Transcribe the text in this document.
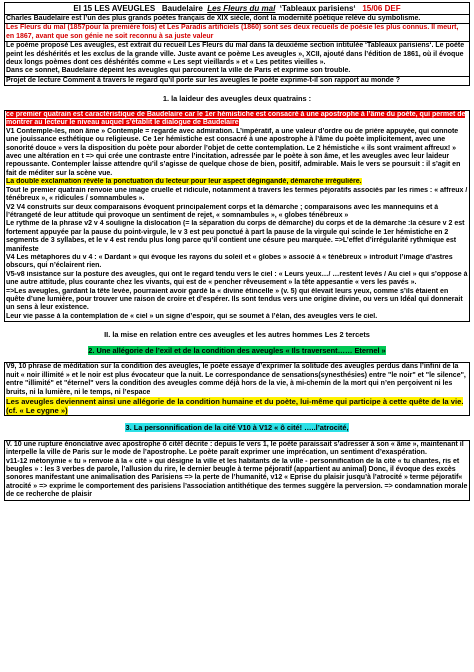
EI 15 LES AVEUGLES Baudelaire Les Fleurs du mal ‘Tableaux parisiens‘ 15/06 DEF

Charles Baudelaire est l’un des plus grands poètes français de XIX siècle, dont la modernité poétique relève du symbolisme.

Les Fleurs du mal (1857pour la première fois) et Les Paradis artificiels (1860) sont ses deux recueils de poésie les plus connus. Il meurt, en 1867, avant que son génie ne soit reconnu à sa juste valeur

Le poème proposé Les aveugles, est extrait du recueil Les Fleurs du mal dans la deuxième section intitulée ‘Tableaux parisiens‘. Le poète peint les déshérités et les exclus de la grande ville. Juste avant ce poème Les aveugles », XCII, ajouté dans l’édition de 1861, où il évoque deux longs poèmes dont ces déshérités comme « Les sept vieillards » et « Les petites vieilles ».

Dans ce sonnet, Baudelaire dépeint les aveugles qui parcourent la ville de Paris et exprime son trouble.

Projet de lecture Comment à travers le regard qu’il porte sur les aveugles le poète exprime-t-il son rapport au monde ?

1. la laideur des aveugles deux quatrains :

ce premier quatrain est caractéristique de Baudelaire car le 1er hémistiche est consacré à une apostrophe à l’âme du poète, qui permet de montrer au lecteur le niveau auquel s’établit le dialogue de Baudelaire

V1 Contemple-les, mon âme » Contemple = regarde avec admiration. L’impératif, a une valeur d’ordre ou de prière appuyée, qui connote une jouissance esthétique ou religieuse. Ce 1er hémistiche est consacré à une apostrophe à l’âme du poète implicitement, avec une sonorité douce » vers la disposition du poète pour aborder l’objet de cette contemplation. Le 2 hémistiche « ils sont vraiment affreux! » avec une altération en t => qui crée une contraste entre l’incitation, adressée par le poète à son âme, et les aveugles avec leur laideur repoussante. Contempler laisse attendre qu’il s’agisse de quelque chose de bien, positif, admirable. Mais le vers se poursuit : il s’agit en fait de méditer sur la scène vue.

La double exclamation révèle la ponctuation du lecteur pour leur aspect dégingandé, démarche irrégulière.

Tout le premier quatrain renvoie une image cruelle et ridicule, notamment à travers les termes péjoratifs associés par les rimes : « affreux / ténébreux », « ridicules / somnambules ».

V2 V4 construits sur deux comparaisons évoquent principalement corps et la démarche ; comparaisons avec les mannequins et à l’étrangeté de leur attitude qui provoque un sentiment de rejet, « somnambules », « globes ténébreux »

Le rythme de la phrase v2 v 4 souligne la dislocation (= la séparation du corps de démarche) du corps et de la démarche :la césure v 2 est fortement appuyée par la pause du point-virgule, le v 3 est peu ponctué à part la pause de la virgule qui scinde le 1er hémistiche en 2 segments de 3 syllabes, et le v 4 est rendu plus long parce qu’il contient une césure peu marquée. =>L’effet d’irrégularité rythmique est manifeste

V4 Les métaphores du v 4 : « Dardant » qui évoque les rayons du soleil et « globes » associé à « ténébreux » introduit l’image d’astres obscurs, qui n’éclairent rien.

V5-v8 insistance sur la posture des aveugles, qui ont le regard tendu vers le ciel : « Leurs yeux…/ …restent levés / Au ciel » qui s’oppose à une autre attitude, plus courante chez les vivants, qui est de « pencher rêveusement » la tête appesantie « vers les pavés ».

=>Les aveugles, gardant la tête levée, pourraient avoir gardé la « divine étincelle » (v. 5) qui élevait leurs yeux, comme s’ils étaient en quête d’une lumière, pour trouver une raison de croire et d’espérer. Ils sont tendus vers une origine divine, ou vers un Idéal qui donnerait un sens à leur existence.

Leur vie passe à la contemplation de « ciel » un signe d’espoir, qui se soumet à l’élan, des aveugles vers le ciel.

II. la mise en relation entre ces aveugles et les autres hommes Les 2 tercets

2. Une allégorie de l’exil et de la condition des aveugles « Ils traversent…… Eternel »

V9, 10 phrase de méditation sur la condition des aveugles, le poète essaye d’exprimer la solitude des aveugles perdus dans l’infini de la nuit « noir illimité » et le noir est plus évocateur que la nuit. Le correspondance de sensations(synesthésies) entre "le noir" et "le silence", entre "illimité" et "éternel" vers la condition des aveugles comme déjà hors de la vie, à mi-chemin de la mort qui n’en perçoivent ni les bruits, ni la lumière, ni le temps, ni l’espace

Les aveugles deviennent ainsi une allégorie de la condition humaine et du poète, lui-même qui participe à cette quête de la vie. (cf. « Le cygne »)

3. La personnification de la cité V10 à V12 « ô cité! …..l’atrocité,

V. 10 une rupture énonciative avec apostrophe ô cité! décrite : depuis le vers 1, le poète paraissait s’adresser à son « âme », maintenant il interpelle la ville de Paris sur le mode de l’apostrophe. Le poète paraît exprimer une imprécation, un sentiment d’exaspération.

v11-12 métonymie « tu » renvoie à la « cité » qui désigne la ville et les habitants de la ville - personnification de la cité « tu chantes, ris et beugles » : les 3 verbes de parole, l’allusion du rire, le dernier beugle à terme péjoratif (appartient au animal) Donc, il évoque des excès sonores manifestant une animalisation des Parisiens => la perte de l’humanité, v12 « Eprise du plaisir jusqu’à l’atrocité » terme péjoratif« atrocité » => exprime le comportement des parisiens l’association antithétique des termes suggère la perversion. => condamnation morale de ce recherche de plaisir
